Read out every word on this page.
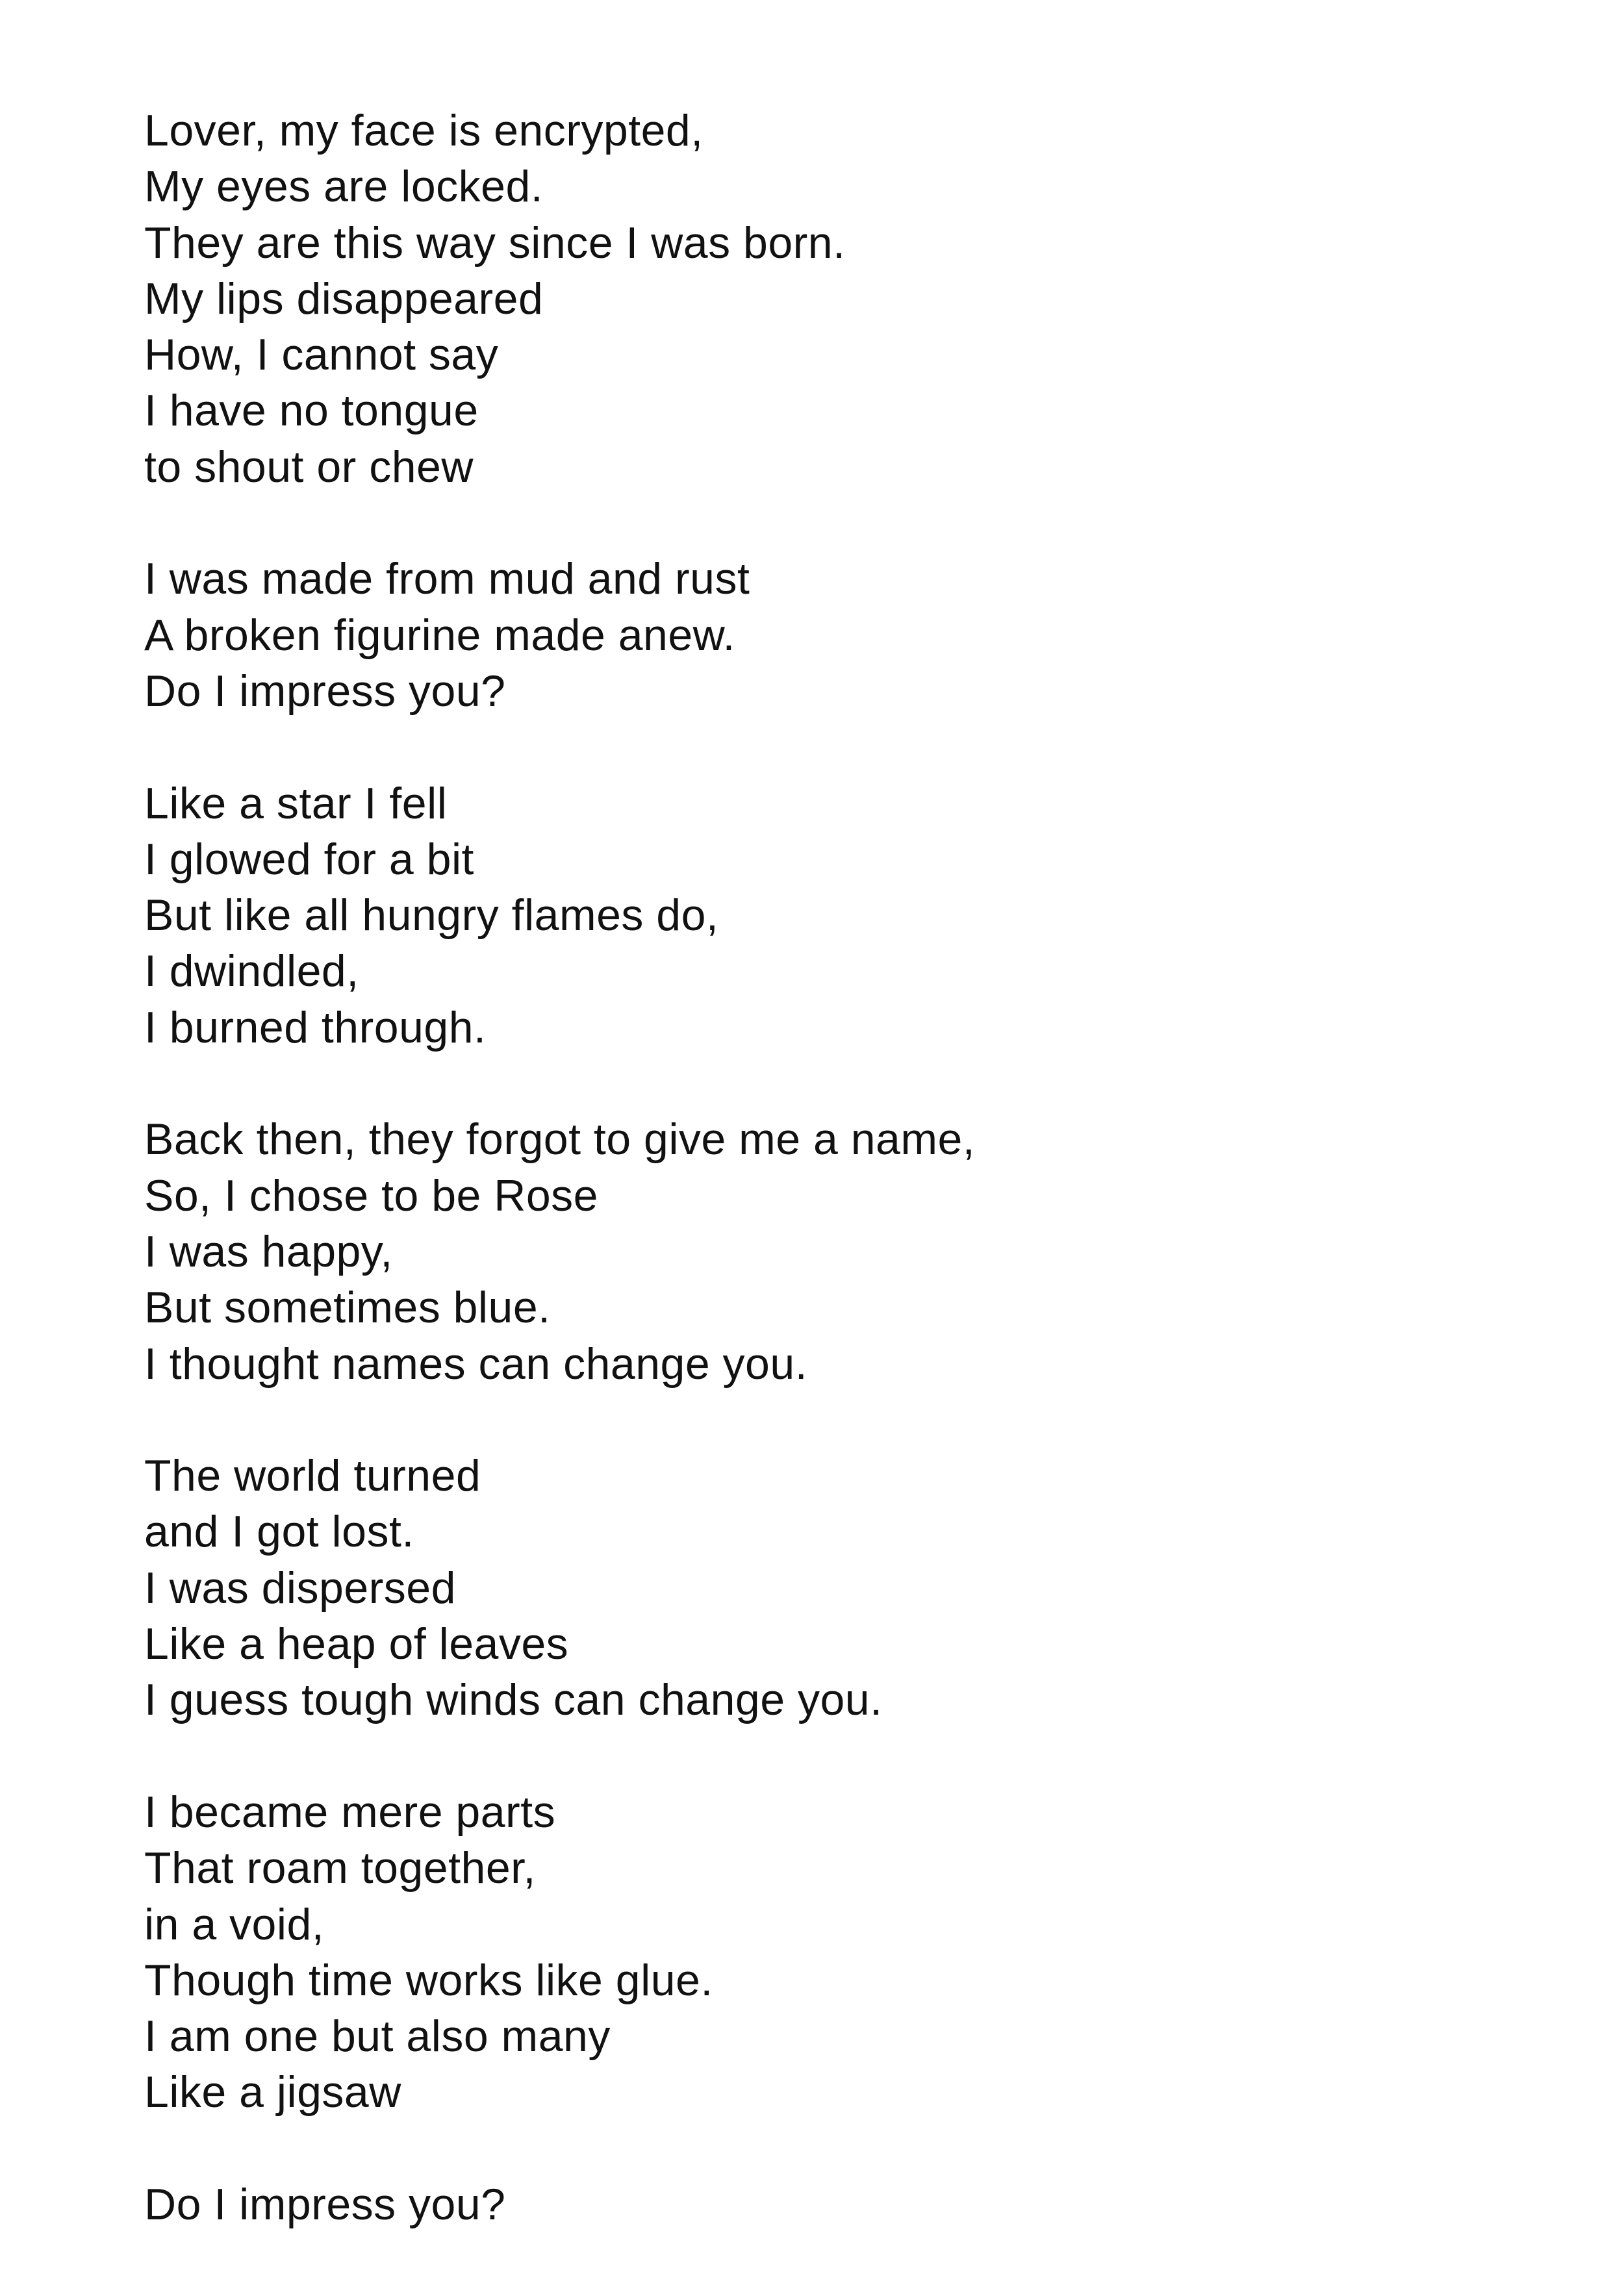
Lover, my face is encrypted,
My eyes are locked.
They are this way since I was born.
My lips disappeared
How, I cannot say
I have no tongue
to shout or chew
I was made from mud and rust
A broken figurine made anew.
Do I impress you?
Like a star I fell
I glowed for a bit
But like all hungry flames do,
I dwindled,
I burned through.
Back then, they forgot to give me a name,
So, I chose to be Rose
I was happy,
But sometimes blue.
I thought names can change you.
The world turned
and I got lost.
I was dispersed
Like a heap of leaves
I guess tough winds can change you.
I became mere parts
That roam together,
in a void,
Though time works like glue.
I am one but also many
Like a jigsaw
Do I impress you?
